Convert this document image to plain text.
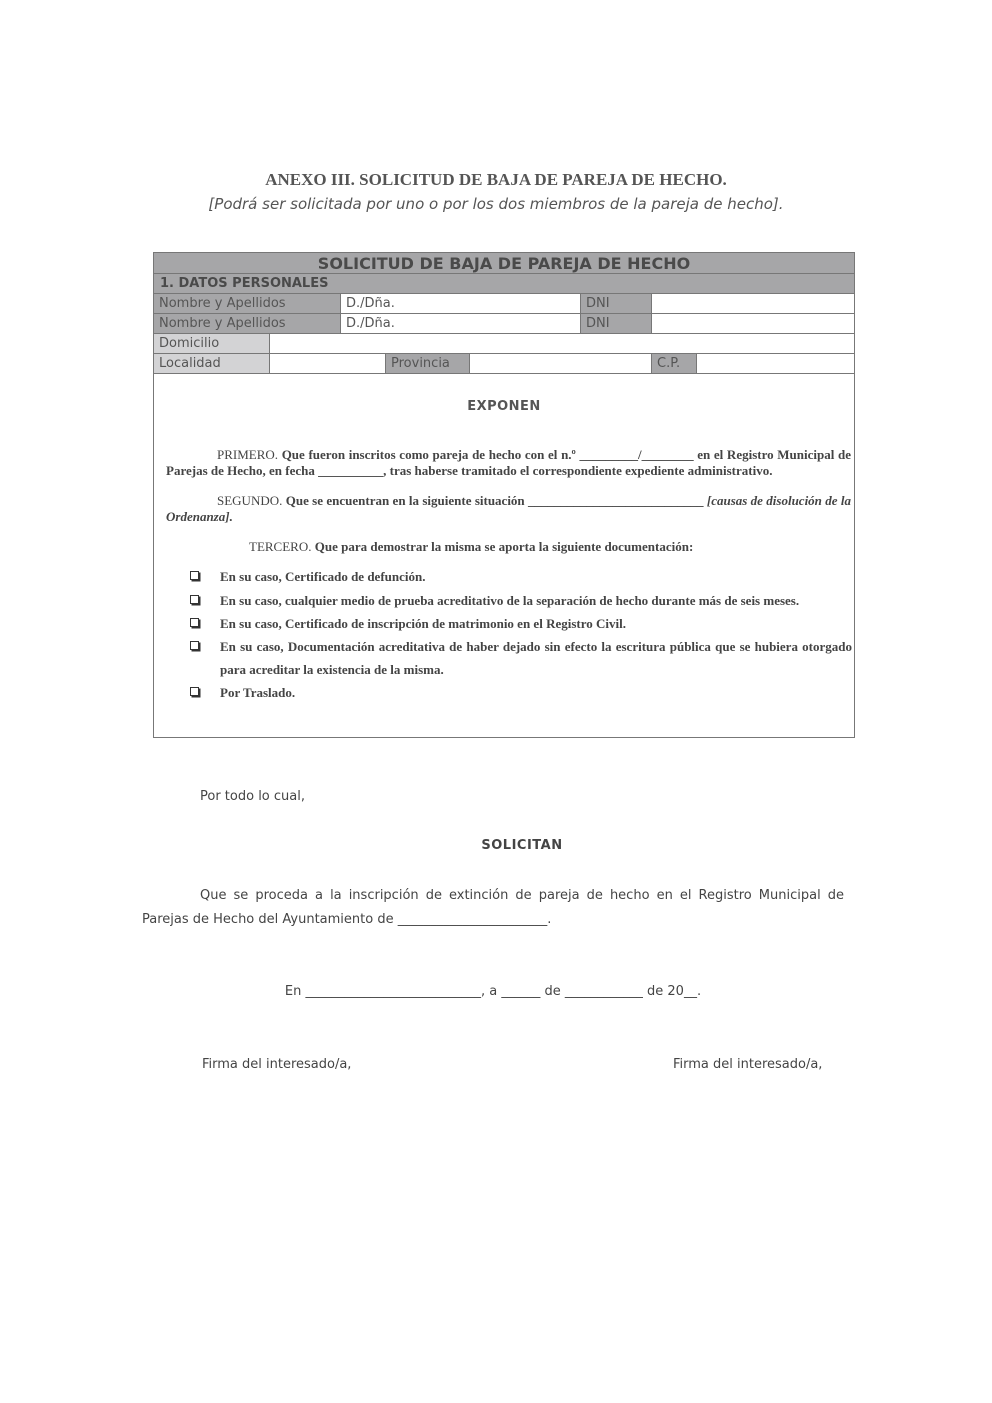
ANEXO III. SOLICITUD DE BAJA DE PAREJA DE HECHO.
[Podrá ser solicitada por uno o por los dos miembros de la pareja de hecho].
SOLICITUD DE BAJA DE PAREJA DE HECHO
1. DATOS PERSONALES
Nombre y Apellidos	D./Dña.	DNI
Nombre y Apellidos	D./Dña.	DNI
Domicilio
Localidad	Provincia	C.P.
EXPONEN
PRIMERO. Que fueron inscritos como pareja de hecho con el n.º _________/________ en el Registro Municipal de Parejas de Hecho, en fecha __________, tras haberse tramitado el correspondiente expediente administrativo.
SEGUNDO. Que se encuentran en la siguiente situación ___________________________ [causas de disolución de la Ordenanza].
TERCERO. Que para demostrar la misma se aporta la siguiente documentación:
En su caso, Certificado de defunción.
En su caso, cualquier medio de prueba acreditativo de la separación de hecho durante más de seis meses.
En su caso, Certificado de inscripción de matrimonio en el Registro Civil.
En su caso, Documentación acreditativa de haber dejado sin efecto la escritura pública que se hubiera otorgado para acreditar la existencia de la misma.
Por Traslado.
Por todo lo cual,
SOLICITAN
Que se proceda a la inscripción de extinción de pareja de hecho en el Registro Municipal de Parejas de Hecho del Ayuntamiento de _______________________.
En ___________________________, a ______ de ____________ de 20__.
Firma del interesado/a,	Firma del interesado/a,
